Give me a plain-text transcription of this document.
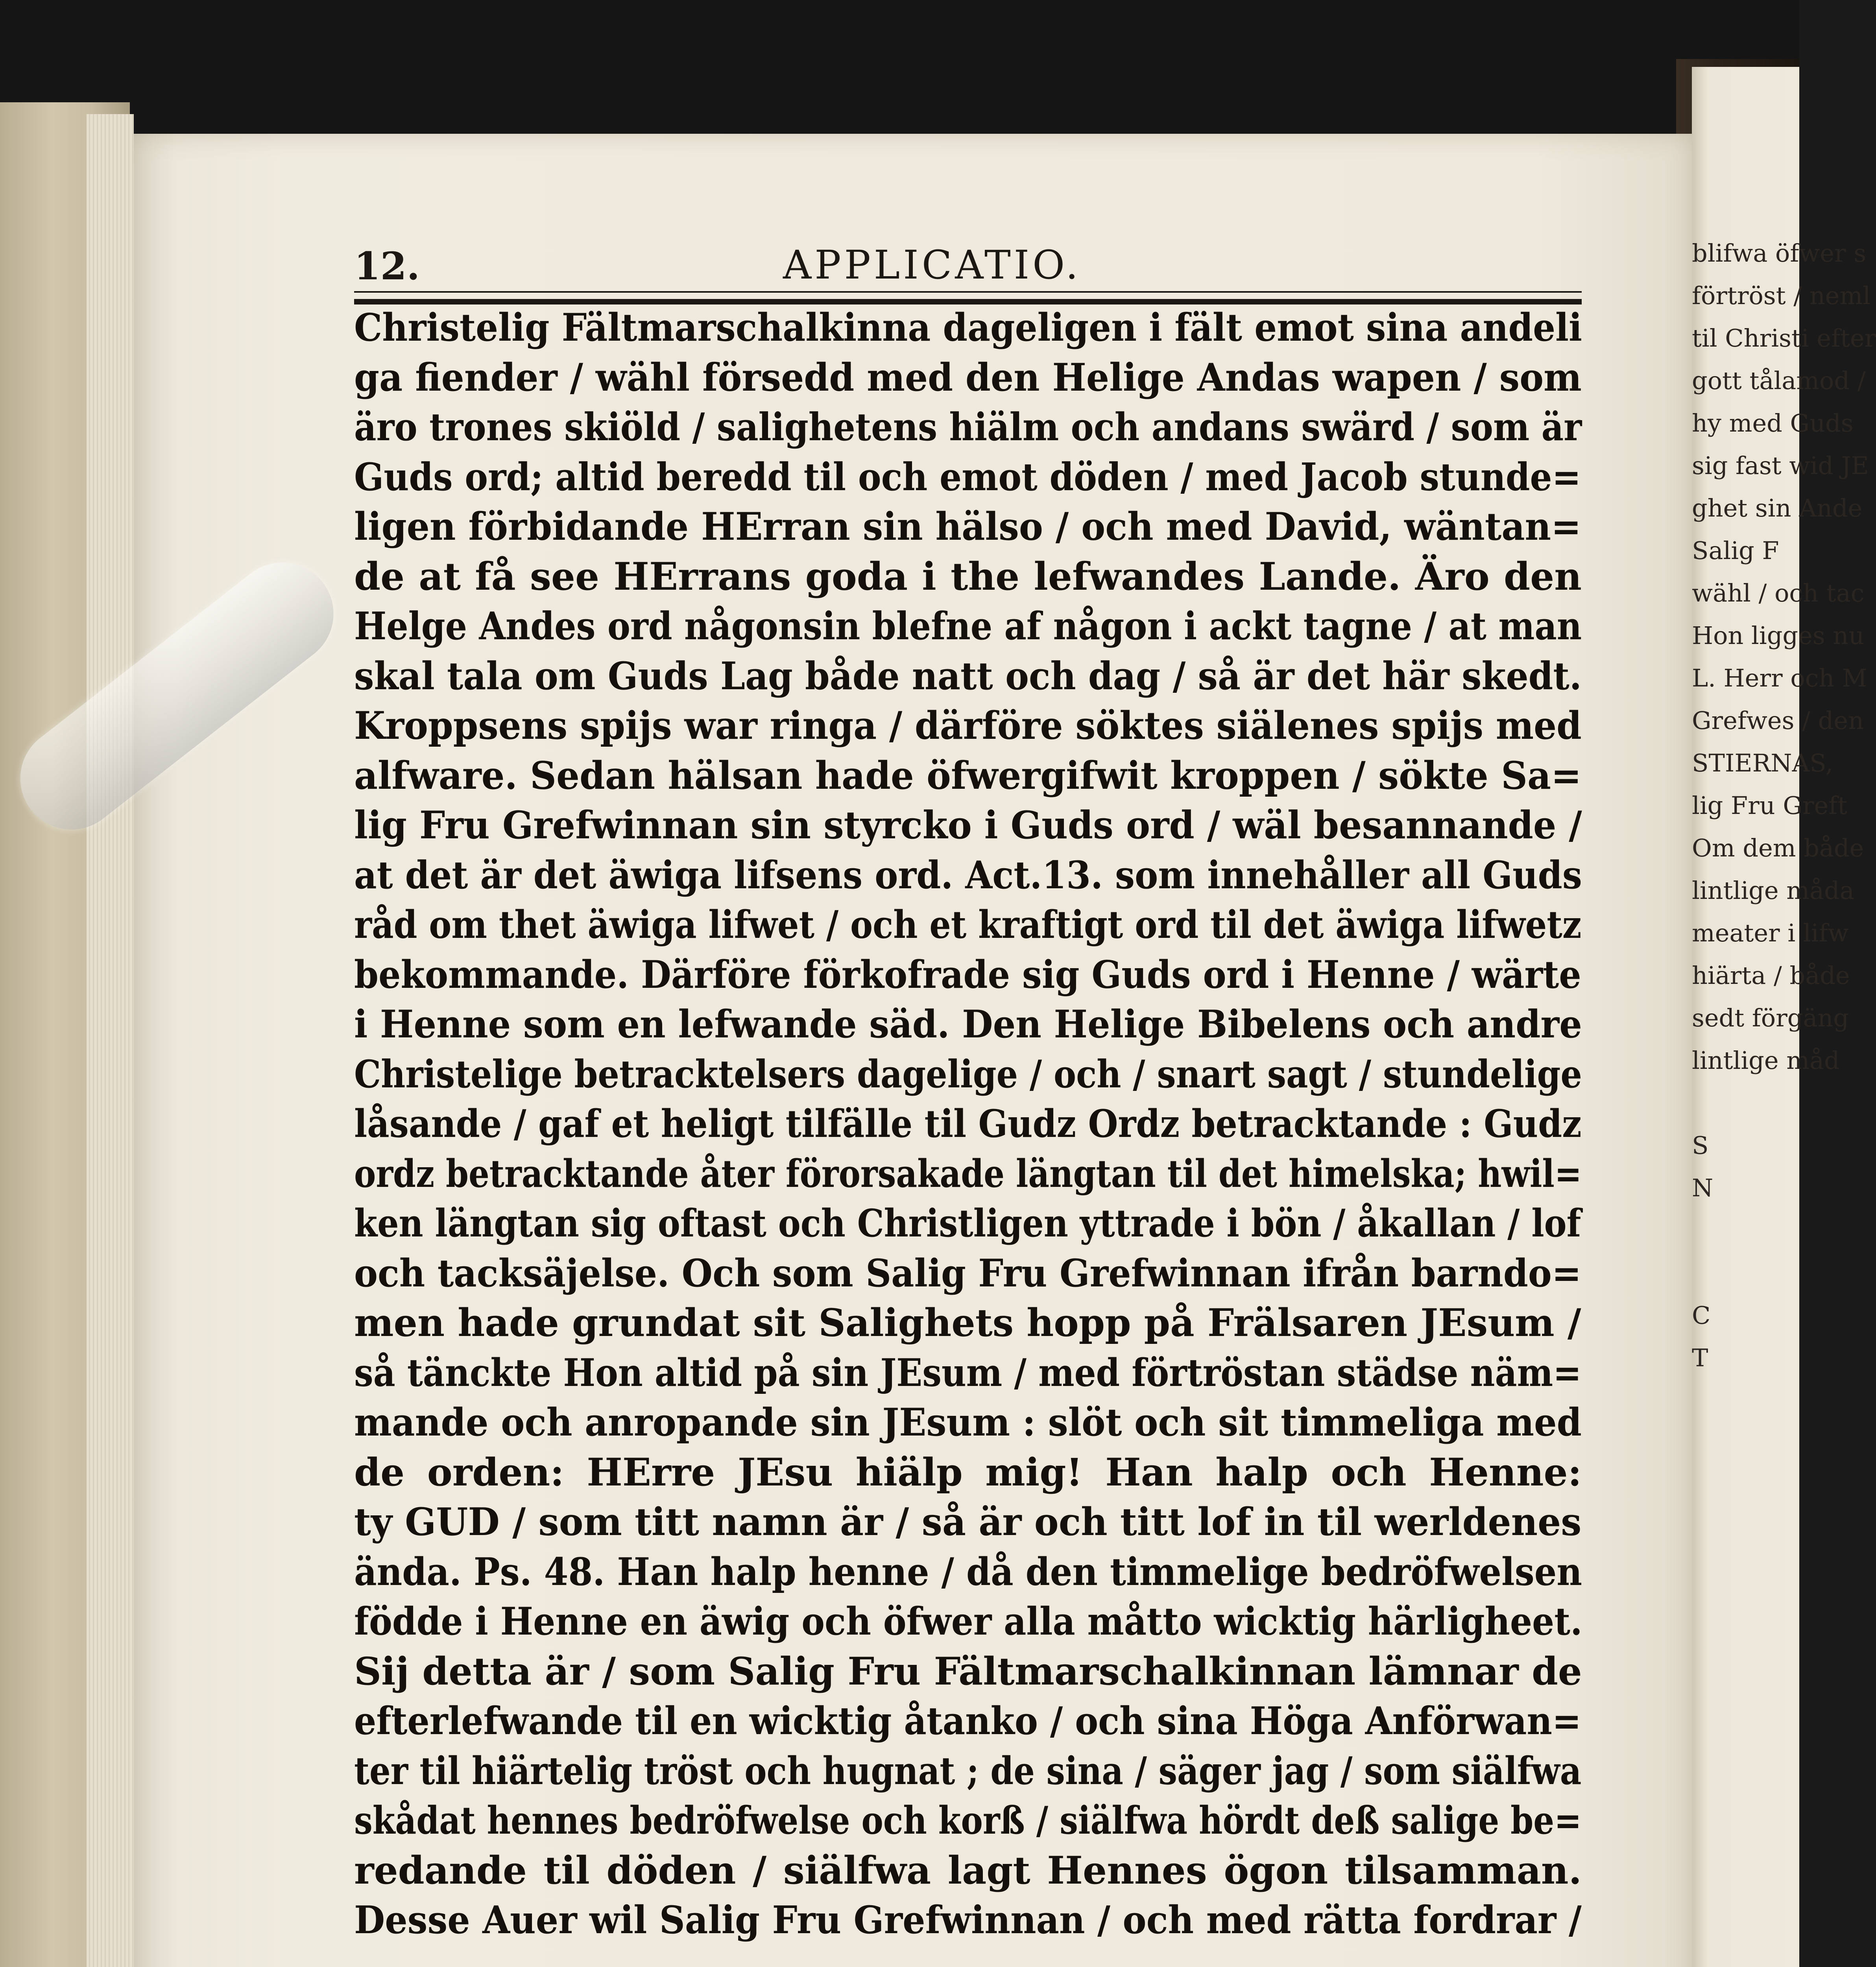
blifwa öfwer s
förtröst / neml
til Christi efter
gott tålamod /
hy med Guds
sig fast wid JE
ghet sin Ande
Salig F
wähl / och tac
Hon ligges nu
L. Herr och M
Grefwes / den
STIERNAS,
lig Fru Greft
Om dem både
lintlige måda
meater i lifw
hiärta / både
sedt förgäng
lintlige måd
S
N
C
T
12.	APPLICATIO.
Christelig Fältmarschalkinna dageligen i fält emot sina andeli
ga fiender / wähl försedd med den Helige Andas wapen / som
äro trones skiöld / salighetens hiälm och andans swärd / som är
Guds ord; altid beredd til och emot döden / med Jacob stunde=
ligen förbidande HErran sin hälso / och med David, wäntan=
de at få see HErrans goda i the lefwandes Lande. Äro den
Helge Andes ord någonsin blefne af någon i ackt tagne / at man
skal tala om Guds Lag både natt och dag / så är det här skedt.
Kroppsens spijs war ringa / därföre söktes siälenes spijs med
alfware. Sedan hälsan hade öfwergifwit kroppen / sökte Sa=
lig Fru Grefwinnan sin styrcko i Guds ord / wäl besannande /
at det är det äwiga lifsens ord. Act.13. som innehåller all Guds
råd om thet äwiga lifwet / och et kraftigt ord til det äwiga lifwetz
bekommande. Därföre förkofrade sig Guds ord i Henne / wärte
i Henne som en lefwande säd. Den Helige Bibelens och andre
Christelige betracktelsers dagelige / och / snart sagt / stundelige
låsande / gaf et heligt tilfälle til Gudz Ordz betracktande : Gudz
ordz betracktande åter förorsakade längtan til det himelska; hwil=
ken längtan sig oftast och Christligen yttrade i bön / åkallan / lof
och tacksäjelse. Och som Salig Fru Grefwinnan ifrån barndo=
men hade grundat sit Salighets hopp på Frälsaren JEsum /
så tänckte Hon altid på sin JEsum / med förtröstan städse näm=
mande och anropande sin JEsum : slöt och sit timmeliga med
de orden: HErre JEsu hiälp mig! Han halp och Henne:
ty GUD / som titt namn är / så är och titt lof in til werldenes
ända. Ps. 48. Han halp henne / då den timmelige bedröfwelsen
födde i Henne en äwig och öfwer alla måtto wicktig härligheet.
Sij detta är / som Salig Fru Fältmarschalkinnan lämnar de
efterlefwande til en wicktig åtanko / och sina Höga Anförwan=
ter til hiärtelig tröst och hugnat ; de sina / säger jag / som siälfwa
skådat hennes bedröfwelse och korß / siälfwa hördt deß salige be=
redande til döden / siälfwa lagt Hennes ögon tilsamman.
Desse Auer wil Salig Fru Grefwinnan / och med rätta fordrar /
